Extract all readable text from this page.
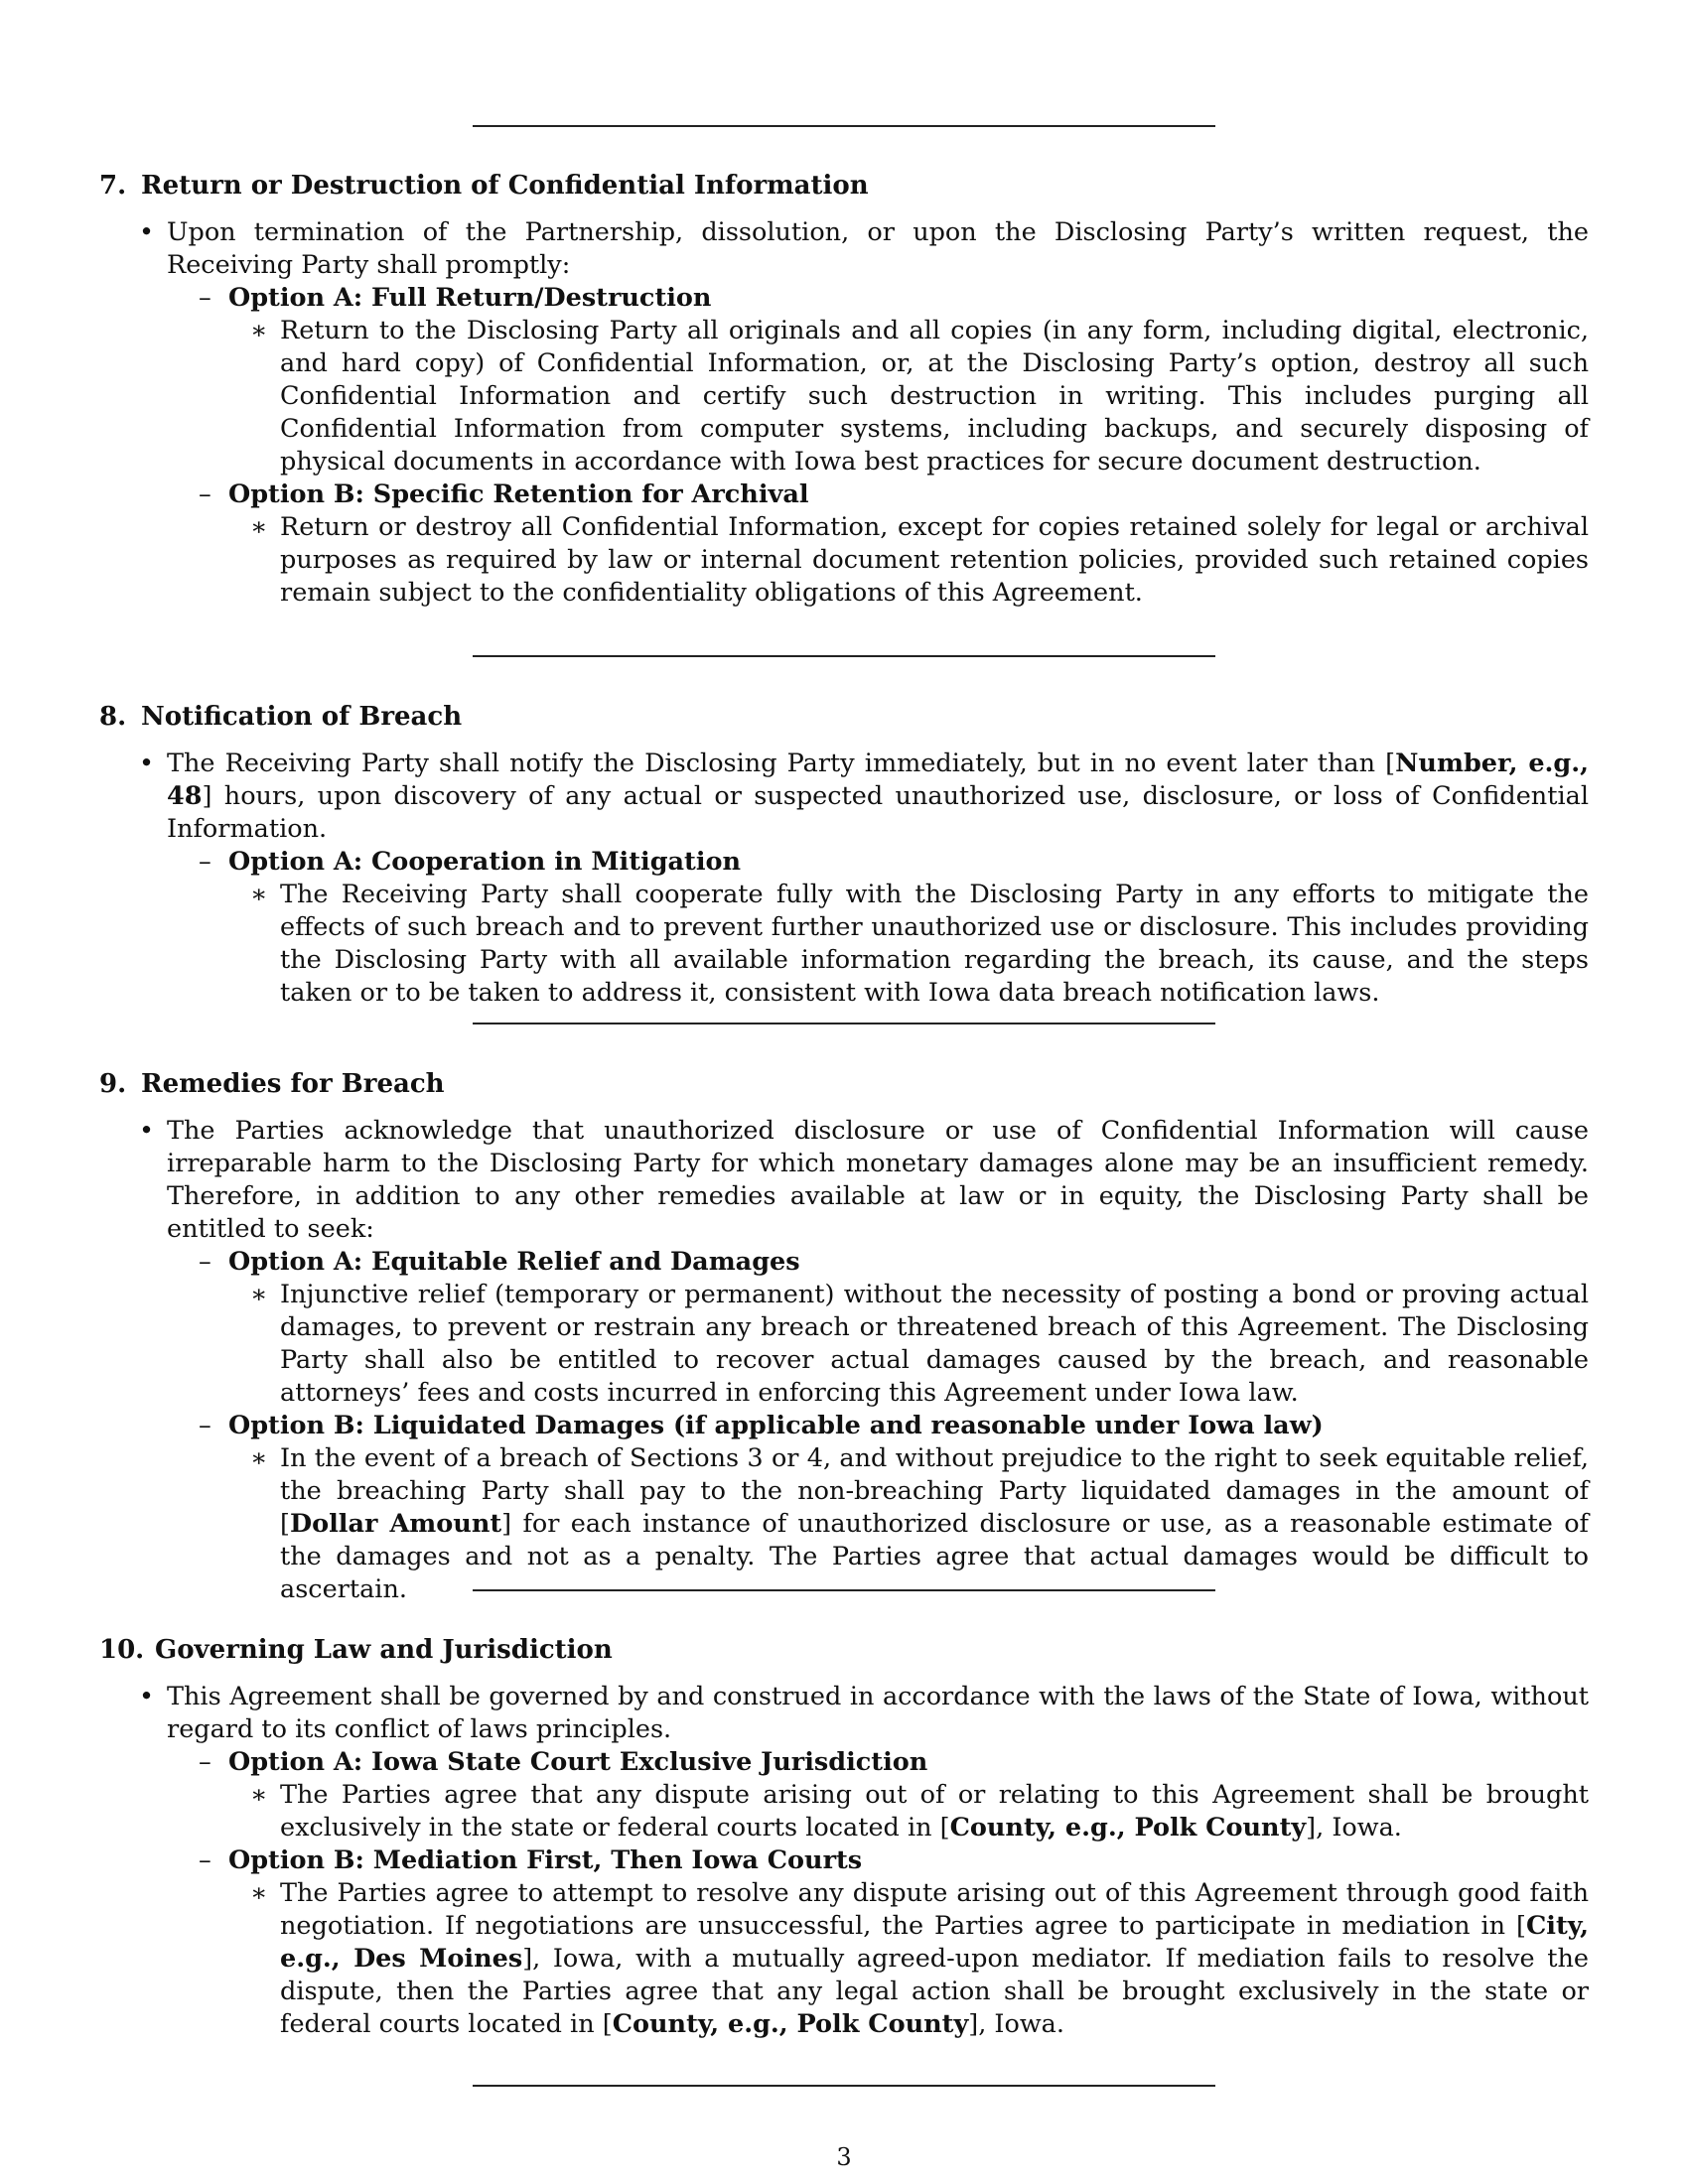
7. Return or Destruction of Confidential Information
• Upon termination of the Partnership, dissolution, or upon the Disclosing Party’s written request, the Receiving Party shall promptly:
– Option A: Full Return/Destruction
∗ Return to the Disclosing Party all originals and all copies (in any form, including digital, electronic, and hard copy) of Confidential Information, or, at the Disclosing Party’s option, destroy all such Confidential Information and certify such destruction in writing. This includes purging all Confidential Information from computer systems, including backups, and securely disposing of physical documents in accordance with Iowa best practices for secure document destruction.
– Option B: Specific Retention for Archival
∗ Return or destroy all Confidential Information, except for copies retained solely for legal or archival purposes as required by law or internal document retention policies, provided such retained copies remain subject to the confidentiality obligations of this Agreement.
8. Notification of Breach
• The Receiving Party shall notify the Disclosing Party immediately, but in no event later than [Number, e.g., 48] hours, upon discovery of any actual or suspected unauthorized use, disclosure, or loss of Confidential Information.
– Option A: Cooperation in Mitigation
∗ The Receiving Party shall cooperate fully with the Disclosing Party in any efforts to mitigate the effects of such breach and to prevent further unauthorized use or disclosure. This includes providing the Disclosing Party with all available information regarding the breach, its cause, and the steps taken or to be taken to address it, consistent with Iowa data breach notification laws.
9. Remedies for Breach
• The Parties acknowledge that unauthorized disclosure or use of Confidential Information will cause irreparable harm to the Disclosing Party for which monetary damages alone may be an insufficient remedy. Therefore, in addition to any other remedies available at law or in equity, the Disclosing Party shall be entitled to seek:
– Option A: Equitable Relief and Damages
∗ Injunctive relief (temporary or permanent) without the necessity of posting a bond or proving actual damages, to prevent or restrain any breach or threatened breach of this Agreement. The Disclosing Party shall also be entitled to recover actual damages caused by the breach, and reasonable attorneys’ fees and costs incurred in enforcing this Agreement under Iowa law.
– Option B: Liquidated Damages (if applicable and reasonable under Iowa law)
∗ In the event of a breach of Sections 3 or 4, and without prejudice to the right to seek equitable relief, the breaching Party shall pay to the non-breaching Party liquidated damages in the amount of [Dollar Amount] for each instance of unauthorized disclosure or use, as a reasonable estimate of the damages and not as a penalty. The Parties agree that actual damages would be difficult to ascertain.
10. Governing Law and Jurisdiction
• This Agreement shall be governed by and construed in accordance with the laws of the State of Iowa, without regard to its conflict of laws principles.
– Option A: Iowa State Court Exclusive Jurisdiction
∗ The Parties agree that any dispute arising out of or relating to this Agreement shall be brought exclusively in the state or federal courts located in [County, e.g., Polk County], Iowa.
– Option B: Mediation First, Then Iowa Courts
∗ The Parties agree to attempt to resolve any dispute arising out of this Agreement through good faith negotiation. If negotiations are unsuccessful, the Parties agree to participate in mediation in [City, e.g., Des Moines], Iowa, with a mutually agreed-upon mediator. If mediation fails to resolve the dispute, then the Parties agree that any legal action shall be brought exclusively in the state or federal courts located in [County, e.g., Polk County], Iowa.
3
